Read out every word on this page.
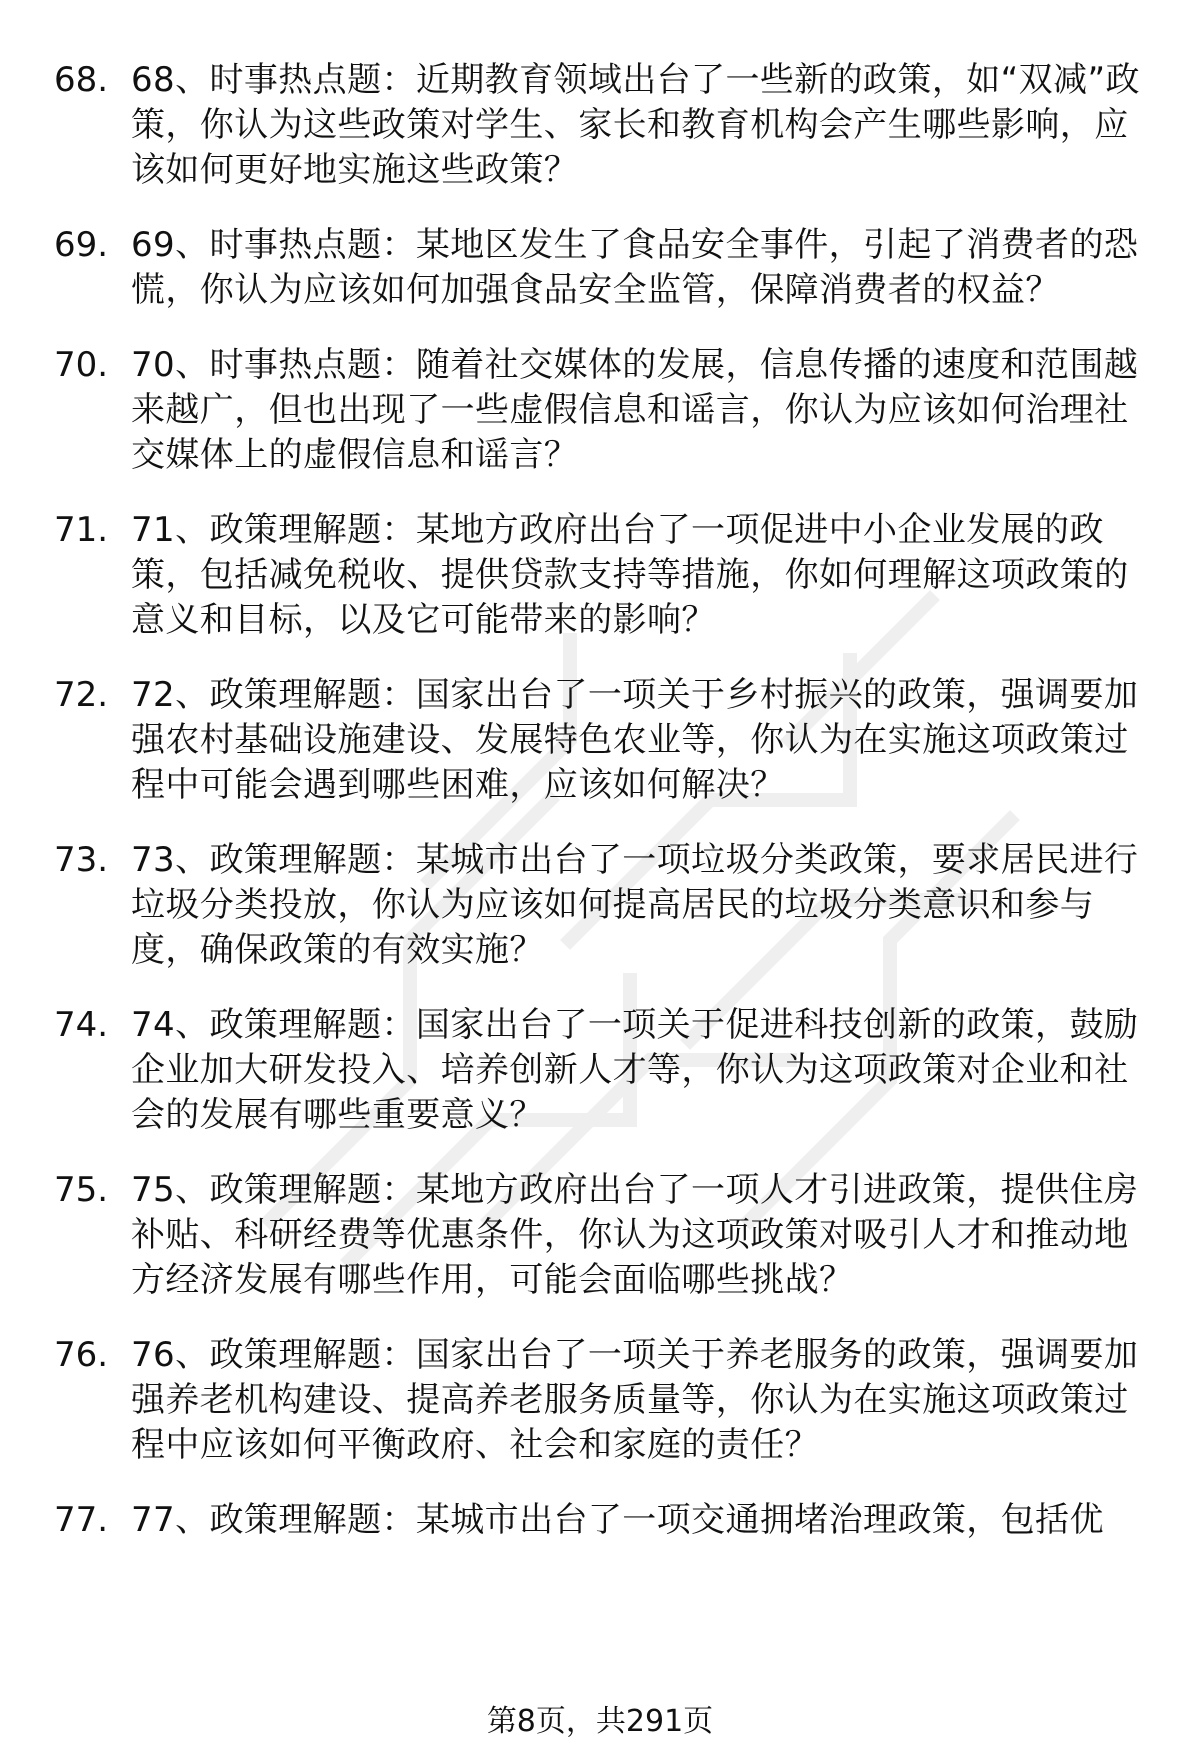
68. 68、时事热点题：近期教育领域出台了一些新的政策，如“双减”政策，你认为这些政策对学生、家长和教育机构会产生哪些影响，应该如何更好地实施这些政策？
69. 69、时事热点题：某地区发生了食品安全事件，引起了消费者的恐慌，你认为应该如何加强食品安全监管，保障消费者的权益？
70. 70、时事热点题：随着社交媒体的发展，信息传播的速度和范围越来越广，但也出现了一些虚假信息和谣言，你认为应该如何治理社交媒体上的虚假信息和谣言？
71. 71、政策理解题：某地方政府出台了一项促进中小企业发展的政策，包括减免税收、提供贷款支持等措施，你如何理解这项政策的意义和目标，以及它可能带来的影响？
72. 72、政策理解题：国家出台了一项关于乡村振兴的政策，强调要加强农村基础设施建设、发展特色农业等，你认为在实施这项政策过程中可能会遇到哪些困难，应该如何解决？
73. 73、政策理解题：某城市出台了一项垃圾分类政策，要求居民进行垃圾分类投放，你认为应该如何提高居民的垃圾分类意识和参与度，确保政策的有效实施？
74. 74、政策理解题：国家出台了一项关于促进科技创新的政策，鼓励企业加大研发投入、培养创新人才等，你认为这项政策对企业和社会的发展有哪些重要意义？
75. 75、政策理解题：某地方政府出台了一项人才引进政策，提供住房补贴、科研经费等优惠条件，你认为这项政策对吸引人才和推动地方经济发展有哪些作用，可能会面临哪些挑战？
76. 76、政策理解题：国家出台了一项关于养老服务的政策，强调要加强养老机构建设、提高养老服务质量等，你认为在实施这项政策过程中应该如何平衡政府、社会和家庭的责任？
77. 77、政策理解题：某城市出台了一项交通拥堵治理政策，包括优
第8页，共291页
